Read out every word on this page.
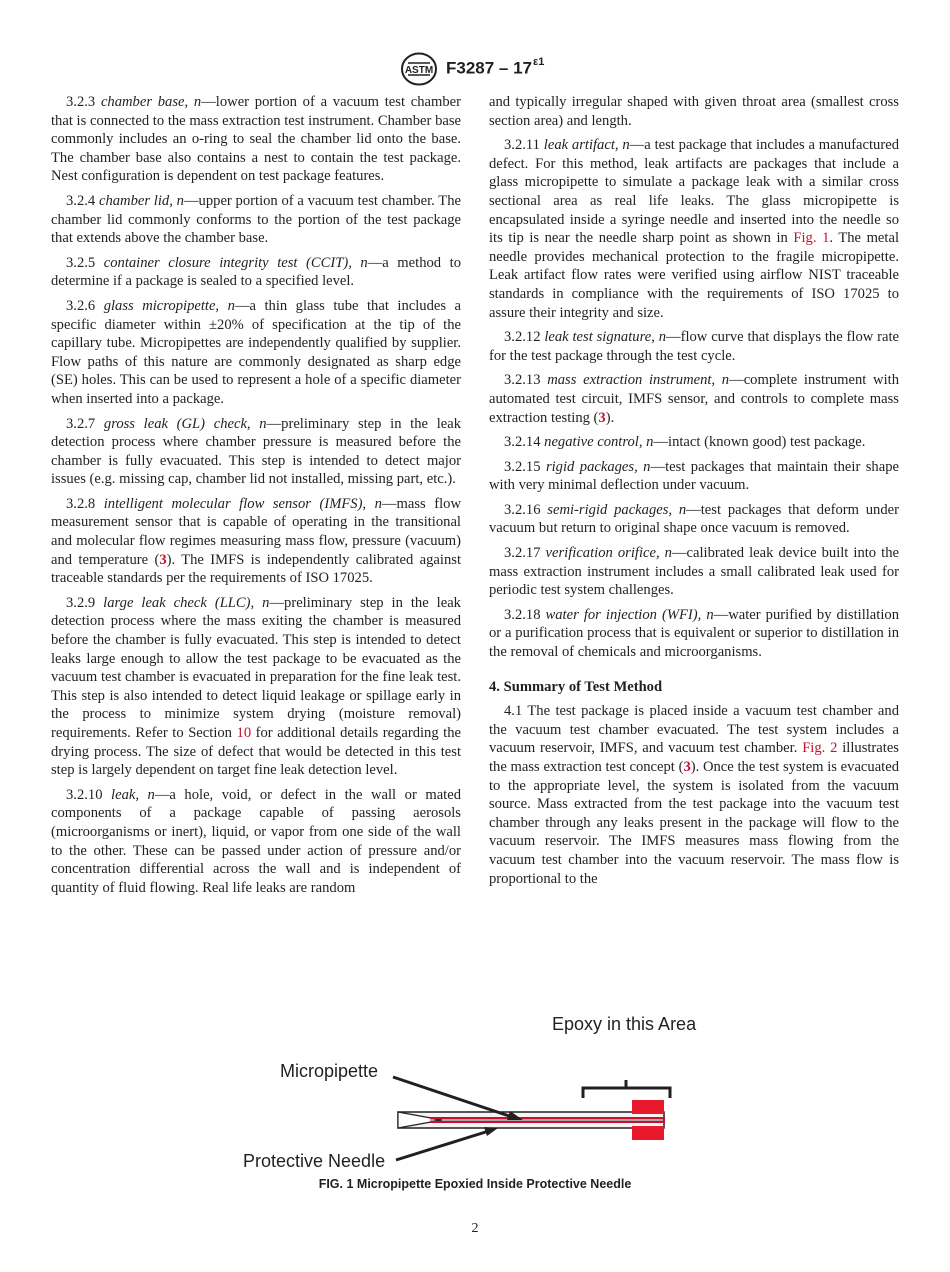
ASTM $F3287 - 17^{\varepsilon 1}$

3.2.3 chamber base, n—lower portion of a vacuum test chamber that is connected to the mass extraction test instrument. Chamber base commonly includes an o-ring to seal the chamber lid onto the base. The chamber base also contains a nest to contain the test package. Nest configuration is dependent on test package features.

3.2.4 chamber lid, n—upper portion of a vacuum test chamber. The chamber lid commonly conforms to the portion of the test package that extends above the chamber base.

3.2.5 container closure integrity test (CCIT), n—a method to determine if a package is sealed to a specified level.

3.2.6 glass micropipette, n—a thin glass tube that includes a specific diameter within ±20% of specification at the tip of the capillary tube. Micropipettes are independently qualified by supplier. Flow paths of this nature are commonly designated as sharp edge (SE) holes. This can be used to represent a hole of a specific diameter when inserted into a package.

3.2.7 gross leak (GL) check, n—preliminary step in the leak detection process where chamber pressure is measured before the chamber is fully evacuated. This step is intended to detect major issues (e.g. missing cap, chamber lid not installed, missing part, etc.).

3.2.8 intelligent molecular flow sensor (IMFS), n—mass flow measurement sensor that is capable of operating in the transitional and molecular flow regimes measuring mass flow, pressure (vacuum) and temperature (3). The IMFS is independently calibrated against traceable standards per the requirements of ISO 17025.

3.2.9 large leak check (LLC), n—preliminary step in the leak detection process where the mass exiting the chamber is measured before the chamber is fully evacuated. This step is intended to detect leaks large enough to allow the test package to be evacuated as the vacuum test chamber is evacuated in preparation for the fine leak test. This step is also intended to detect liquid leakage or spillage early in the process to minimize system drying (moisture removal) requirements. Refer to Section 10 for additional details regarding the drying process. The size of defect that would be detected in this test step is largely dependent on target fine leak detection level.

3.2.10 leak, n—a hole, void, or defect in the wall or mated components of a package capable of passing aerosols (microorganisms or inert), liquid, or vapor from one side of the wall to the other. These can be passed under action of pressure and/or concentration differential across the wall and is independent of quantity of fluid flowing. Real life leaks are random

and typically irregular shaped with given throat area (smallest cross section area) and length.

3.2.11 leak artifact, n—a test package that includes a manufactured defect. For this method, leak artifacts are packages that include a glass micropipette to simulate a package leak with a similar cross sectional area as real life leaks. The glass micropipette is encapsulated inside a syringe needle and inserted into the needle so its tip is near the needle sharp point as shown in Fig. 1. The metal needle provides mechanical protection to the fragile micropipette. Leak artifact flow rates were verified using airflow NIST traceable standards in compliance with the requirements of ISO 17025 to assure their integrity and size.

3.2.12 leak test signature, n—flow curve that displays the flow rate for the test package through the test cycle.

3.2.13 mass extraction instrument, n—complete instrument with automated test circuit, IMFS sensor, and controls to complete mass extraction testing (3).

3.2.14 negative control, n—intact (known good) test package.

3.2.15 rigid packages, n—test packages that maintain their shape with very minimal deflection under vacuum.

3.2.16 semi-rigid packages, n—test packages that deform under vacuum but return to original shape once vacuum is removed.

3.2.17 verification orifice, n—calibrated leak device built into the mass extraction instrument includes a small calibrated leak used for periodic test system challenges.

3.2.18 water for injection (WFI), n—water purified by distillation or a purification process that is equivalent or superior to distillation in the removal of chemicals and microorganisms.

4. Summary of Test Method

4.1 The test package is placed inside a vacuum test chamber and the vacuum test chamber evacuated. The test system includes a vacuum reservoir, IMFS, and vacuum test chamber. Fig. 2 illustrates the mass extraction test concept (3). Once the test system is evacuated to the appropriate level, the system is isolated from the vacuum source. Mass extracted from the test package into the vacuum test chamber through any leaks present in the package will flow to the vacuum reservoir. The IMFS measures mass flowing from the vacuum test chamber into the vacuum reservoir. The mass flow is proportional to the

Epoxy in this Area
Micropipette
Protective Needle
FIG. 1 Micropipette Epoxied Inside Protective Needle
2
